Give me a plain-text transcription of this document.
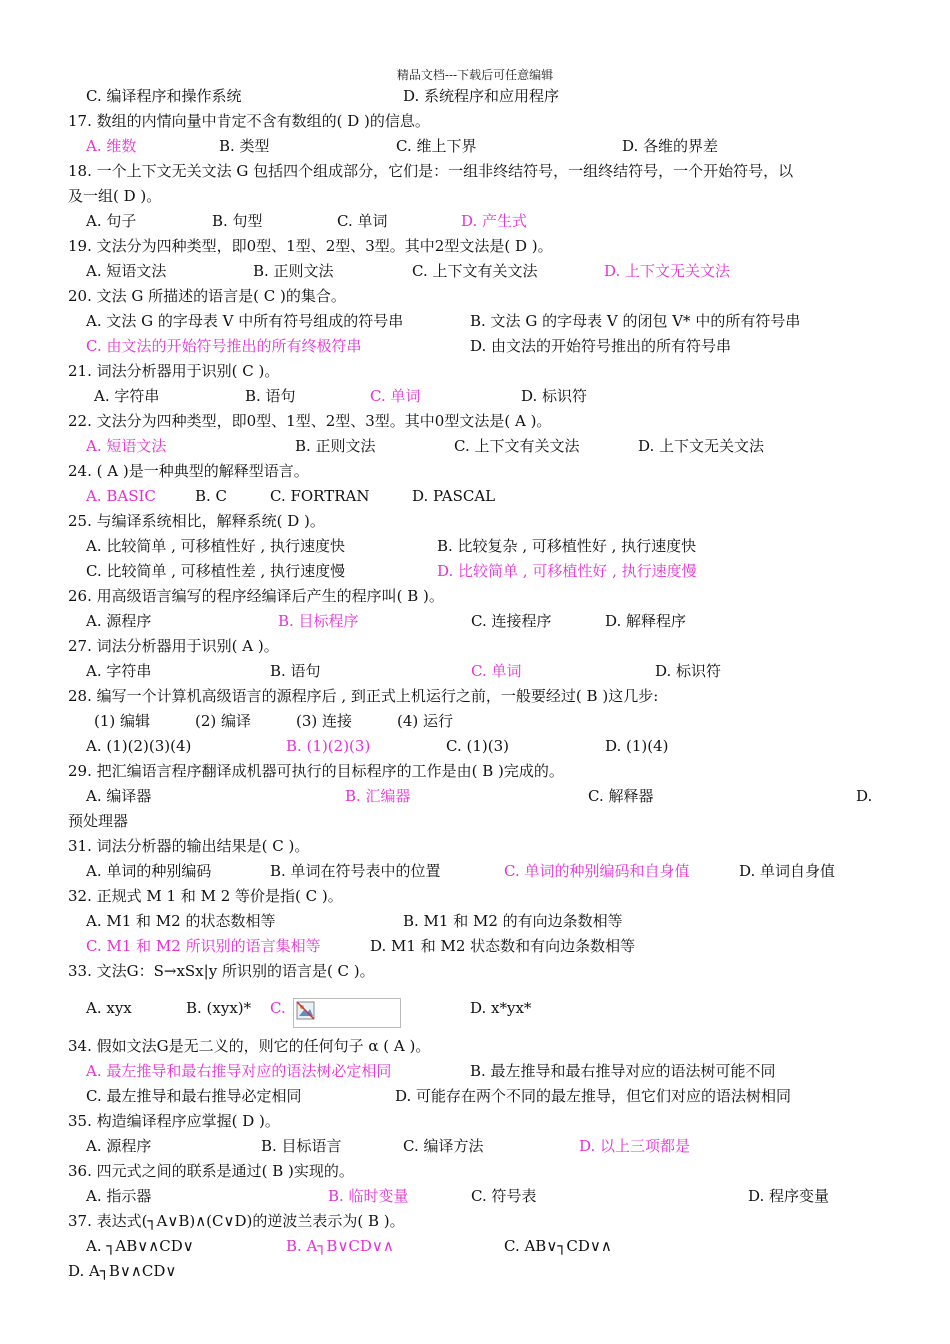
精品文档---下载后可任意编辑
C. 编译程序和操作系统	D. 系统程序和应用程序
17. 数组的内情向量中肯定不含有数组的( D )的信息。
A. 维数	B. 类型	C. 维上下界	D. 各维的界差
18. 一个上下文无关文法 G 包括四个组成部分，它们是：一组非终结符号，一组终结符号，一个开始符号，以
及一组( D )。
A. 句子	B. 句型	C. 单词	D. 产生式
19. 文法分为四种类型，即0型、1型、2型、3型。其中2型文法是( D )。
A. 短语文法	B. 正则文法	C. 上下文有关文法	D. 上下文无关文法
20. 文法 G 所描述的语言是( C )的集合。
A. 文法 G 的字母表 V 中所有符号组成的符号串	B. 文法 G 的字母表 V 的闭包 V* 中的所有符号串
C. 由文法的开始符号推出的所有终极符串	D. 由文法的开始符号推出的所有符号串
21. 词法分析器用于识别( C )。
A. 字符串	B. 语句	C. 单词	D. 标识符
22. 文法分为四种类型，即0型、1型、2型、3型。其中0型文法是( A )。
A. 短语文法	B. 正则文法	C. 上下文有关文法	D. 上下文无关文法
24. ( A )是一种典型的解释型语言。
A. BASIC	B. C	C. FORTRAN	D. PASCAL
25. 与编译系统相比，解释系统( D )。
A. 比较简单 , 可移植性好 , 执行速度快	B. 比较复杂 , 可移植性好 , 执行速度快
C. 比较简单 , 可移植性差 , 执行速度慢	D. 比较简单 , 可移植性好 , 执行速度慢
26. 用高级语言编写的程序经编译后产生的程序叫( B )。
A. 源程序	B. 目标程序	C. 连接程序	D. 解释程序
27. 词法分析器用于识别( A )。
A. 字符串	B. 语句	C. 单词	D. 标识符
28. 编写一个计算机高级语言的源程序后 , 到正式上机运行之前，一般要经过( B )这几步:
(1) 编辑	(2) 编译	(3) 连接	(4) 运行
A. (1)(2)(3)(4)	B. (1)(2)(3)	C. (1)(3)	D. (1)(4)
29. 把汇编语言程序翻译成机器可执行的目标程序的工作是由( B )完成的。
A. 编译器	B. 汇编器	C. 解释器	D.
预处理器
31. 词法分析器的输出结果是( C )。
A. 单词的种别编码	B. 单词在符号表中的位置	C. 单词的种别编码和自身值	D. 单词自身值
32. 正规式 M 1 和 M 2 等价是指( C )。
A. M1 和 M2 的状态数相等	B. M1 和 M2 的有向边条数相等
C. M1 和 M2 所识别的语言集相等	D. M1 和 M2 状态数和有向边条数相等
33. 文法G：S→xSx|y 所识别的语言是( C )。
A. xyx	B. (xyx)* C.	D. x*yx*
34. 假如文法G是无二义的，则它的任何句子 α ( A )。
A. 最左推导和最右推导对应的语法树必定相同	B. 最左推导和最右推导对应的语法树可能不同
C. 最左推导和最右推导必定相同	D. 可能存在两个不同的最左推导，但它们对应的语法树相同
35. 构造编译程序应掌握( D )。
A. 源程序	B. 目标语言	C. 编译方法	D. 以上三项都是
36. 四元式之间的联系是通过( B )实现的。
A. 指示器	B. 临时变量	C. 符号表	D. 程序变量
37. 表达式(┐A∨B)∧(C∨D)的逆波兰表示为( B )。
A. ┐AB∨∧CD∨	B. A┐B∨CD∨∧	C. AB∨┐CD∨∧
D. A┐B∨∧CD∨
